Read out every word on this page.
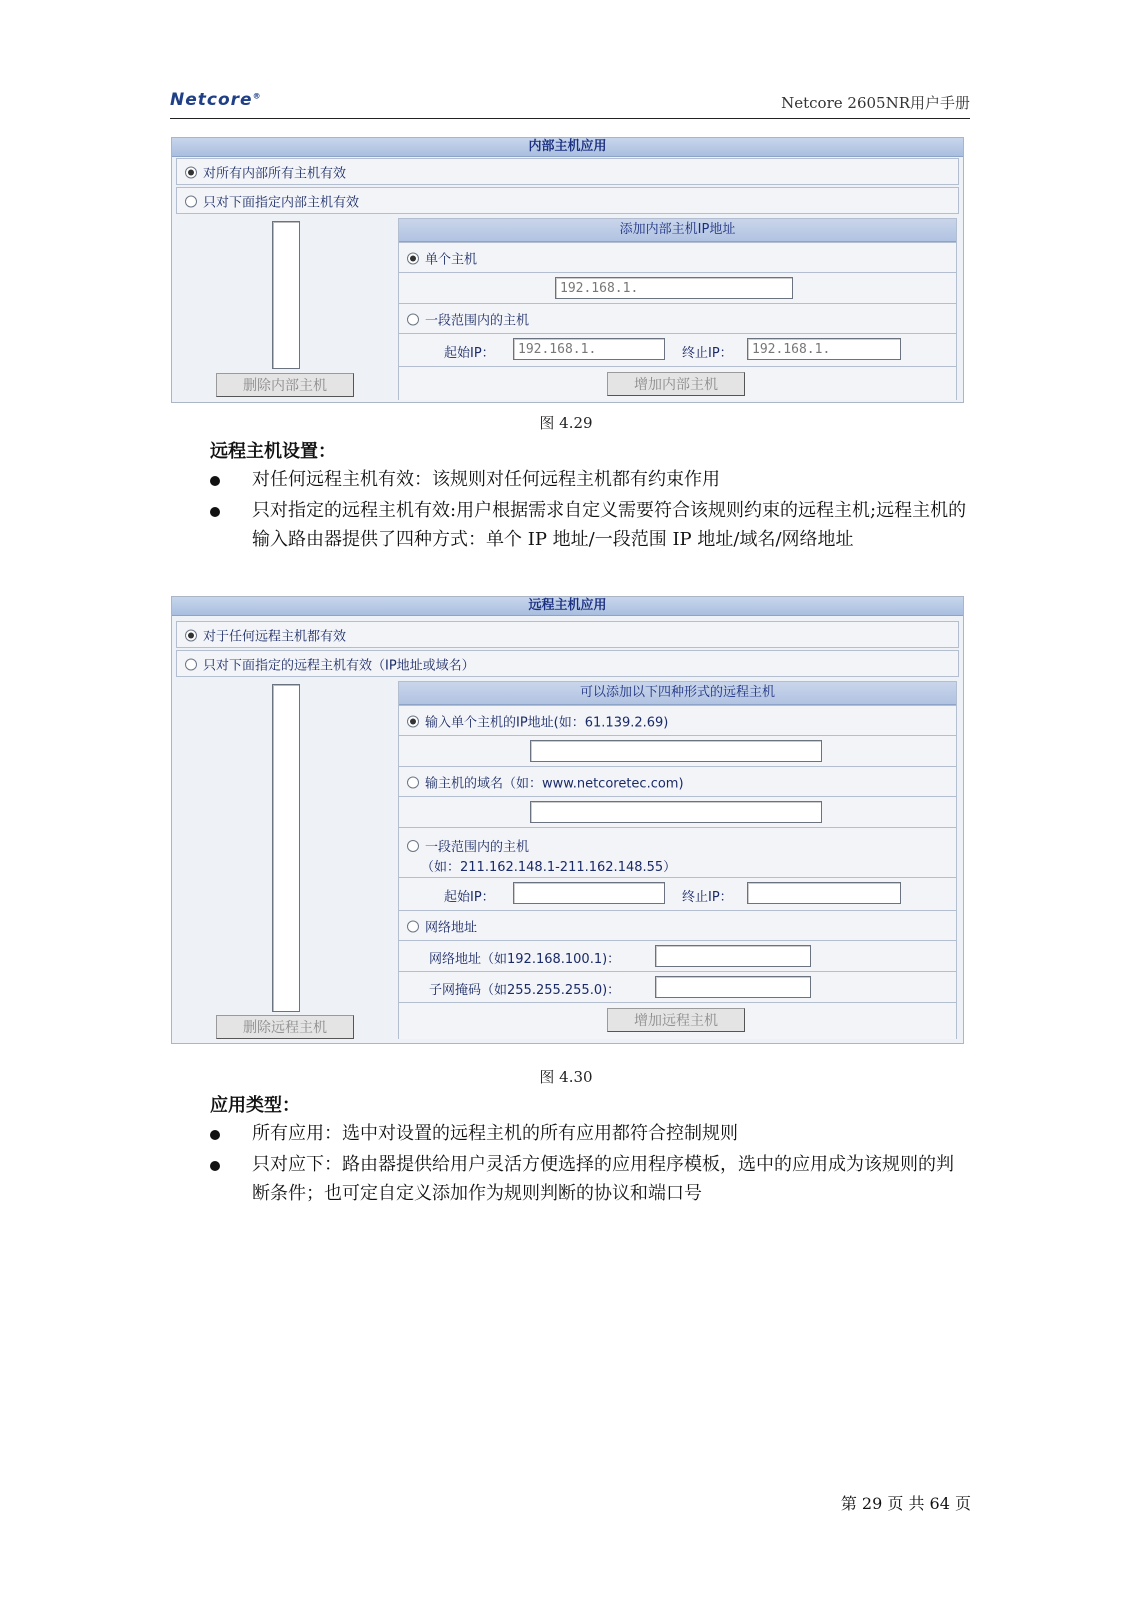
Netcore®	Netcore 2605NR用户手册
内部主机应用
对所有内部所有主机有效
只对下面指定内部主机有效
删除内部主机
添加内部主机IP地址
单个主机
192.168.1.
一段范围内的主机
起始IP：	192.168.1.	终止IP：	192.168.1.
增加内部主机
图 4.29
远程主机设置：
对任何远程主机有效：该规则对任何远程主机都有约束作用
只对指定的远程主机有效:用户根据需求自定义需要符合该规则约束的远程主机;远程主机的输入路由器提供了四种方式：单个 IP 地址/一段范围 IP 地址/域名/网络地址
远程主机应用
对于任何远程主机都有效
只对下面指定的远程主机有效（IP地址或域名）
删除远程主机
可以添加以下四种形式的远程主机
输入单个主机的IP地址(如：61.139.2.69)
输主机的域名（如：www.netcoretec.com)
一段范围内的主机
（如：211.162.148.1-211.162.148.55）
起始IP：	终止IP：
网络地址
网络地址（如192.168.100.1)：
子网掩码（如255.255.255.0)：
增加远程主机
图 4.30
应用类型：
所有应用：选中对设置的远程主机的所有应用都符合控制规则
只对应下：路由器提供给用户灵活方便选择的应用程序模板，选中的应用成为该规则的判断条件；也可定自定义添加作为规则判断的协议和端口号
第 29 页 共 64 页
